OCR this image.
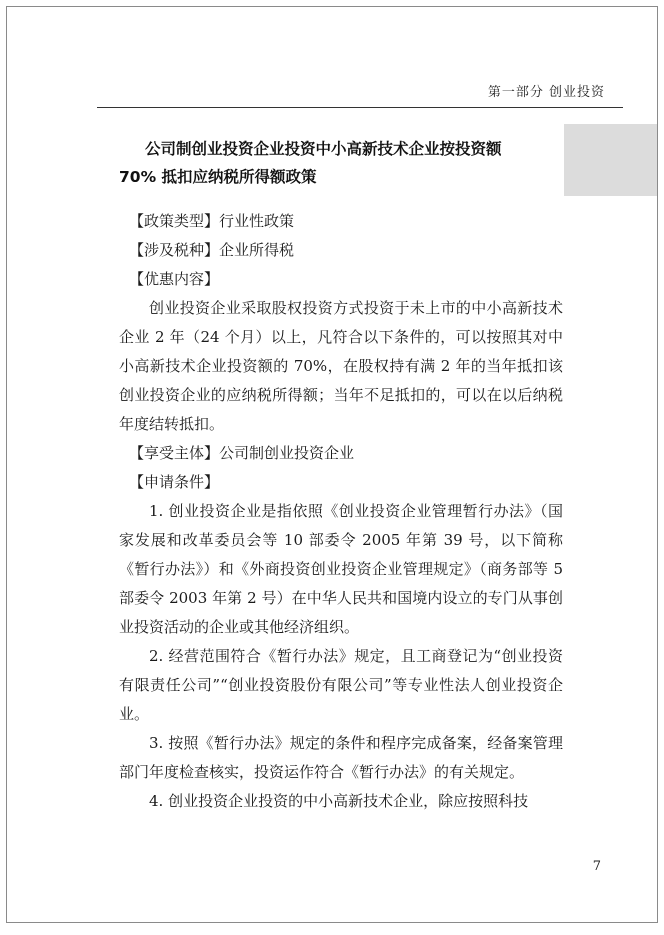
第一部分 创业投资
公司制创业投资企业投资中小高新技术企业按投资额 70% 抵扣应纳税所得额政策

【政策类型】行业性政策

【涉及税种】企业所得税

【优惠内容】

创业投资企业采取股权投资方式投资于未上市的中小高新技术企业 2 年（24 个月）以上，凡符合以下条件的，可以按照其对中小高新技术企业投资额的 70%，在股权持有满 2 年的当年抵扣该创业投资企业的应纳税所得额；当年不足抵扣的，可以在以后纳税年度结转抵扣。

【享受主体】公司制创业投资企业

【申请条件】

1. 创业投资企业是指依照《创业投资企业管理暂行办法》（国家发展和改革委员会等 10 部委令 2005 年第 39 号，以下简称《暂行办法》）和《外商投资创业投资企业管理规定》（商务部等 5 部委令 2003 年第 2 号）在中华人民共和国境内设立的专门从事创业投资活动的企业或其他经济组织。

2. 经营范围符合《暂行办法》规定，且工商登记为“创业投资有限责任公司”“创业投资股份有限公司”等专业性法人创业投资企业。

3. 按照《暂行办法》规定的条件和程序完成备案，经备案管理部门年度检查核实，投资运作符合《暂行办法》的有关规定。

4. 创业投资企业投资的中小高新技术企业，除应按照科技

7
